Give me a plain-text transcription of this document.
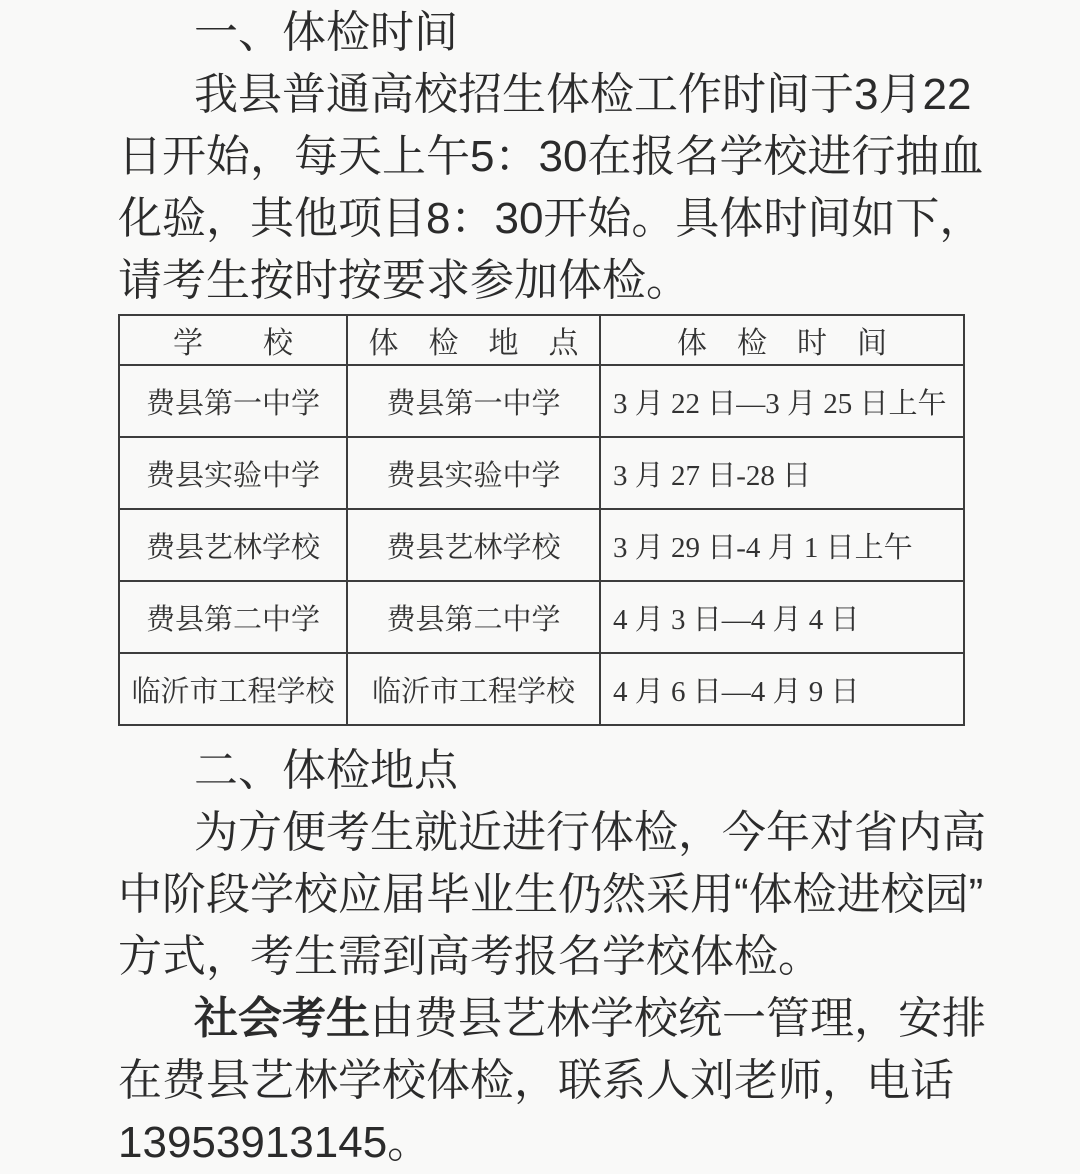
一、体检时间
我县普通高校招生体检工作时间于3月22
日开始，每天上午5：30在报名学校进行抽血
化验，其他项目8：30开始。具体时间如下，
请考生按时按要求参加体检。
学　　校	体　检　地　点	体　检　时　间
费县第一中学	费县第一中学	3 月 22 日—3 月 25 日上午
费县实验中学	费县实验中学	3 月 27 日-28 日
费县艺林学校	费县艺林学校	3 月 29 日-4 月 1 日上午
费县第二中学	费县第二中学	4 月 3 日—4 月 4 日
临沂市工程学校	临沂市工程学校	4 月 6 日—4 月 9 日
二、体检地点
为方便考生就近进行体检，今年对省内高
中阶段学校应届毕业生仍然采用“体检进校园”
方式，考生需到高考报名学校体检。
社会考生由费县艺林学校统一管理，安排
在费县艺林学校体检，联系人刘老师，电话
13953913145。
